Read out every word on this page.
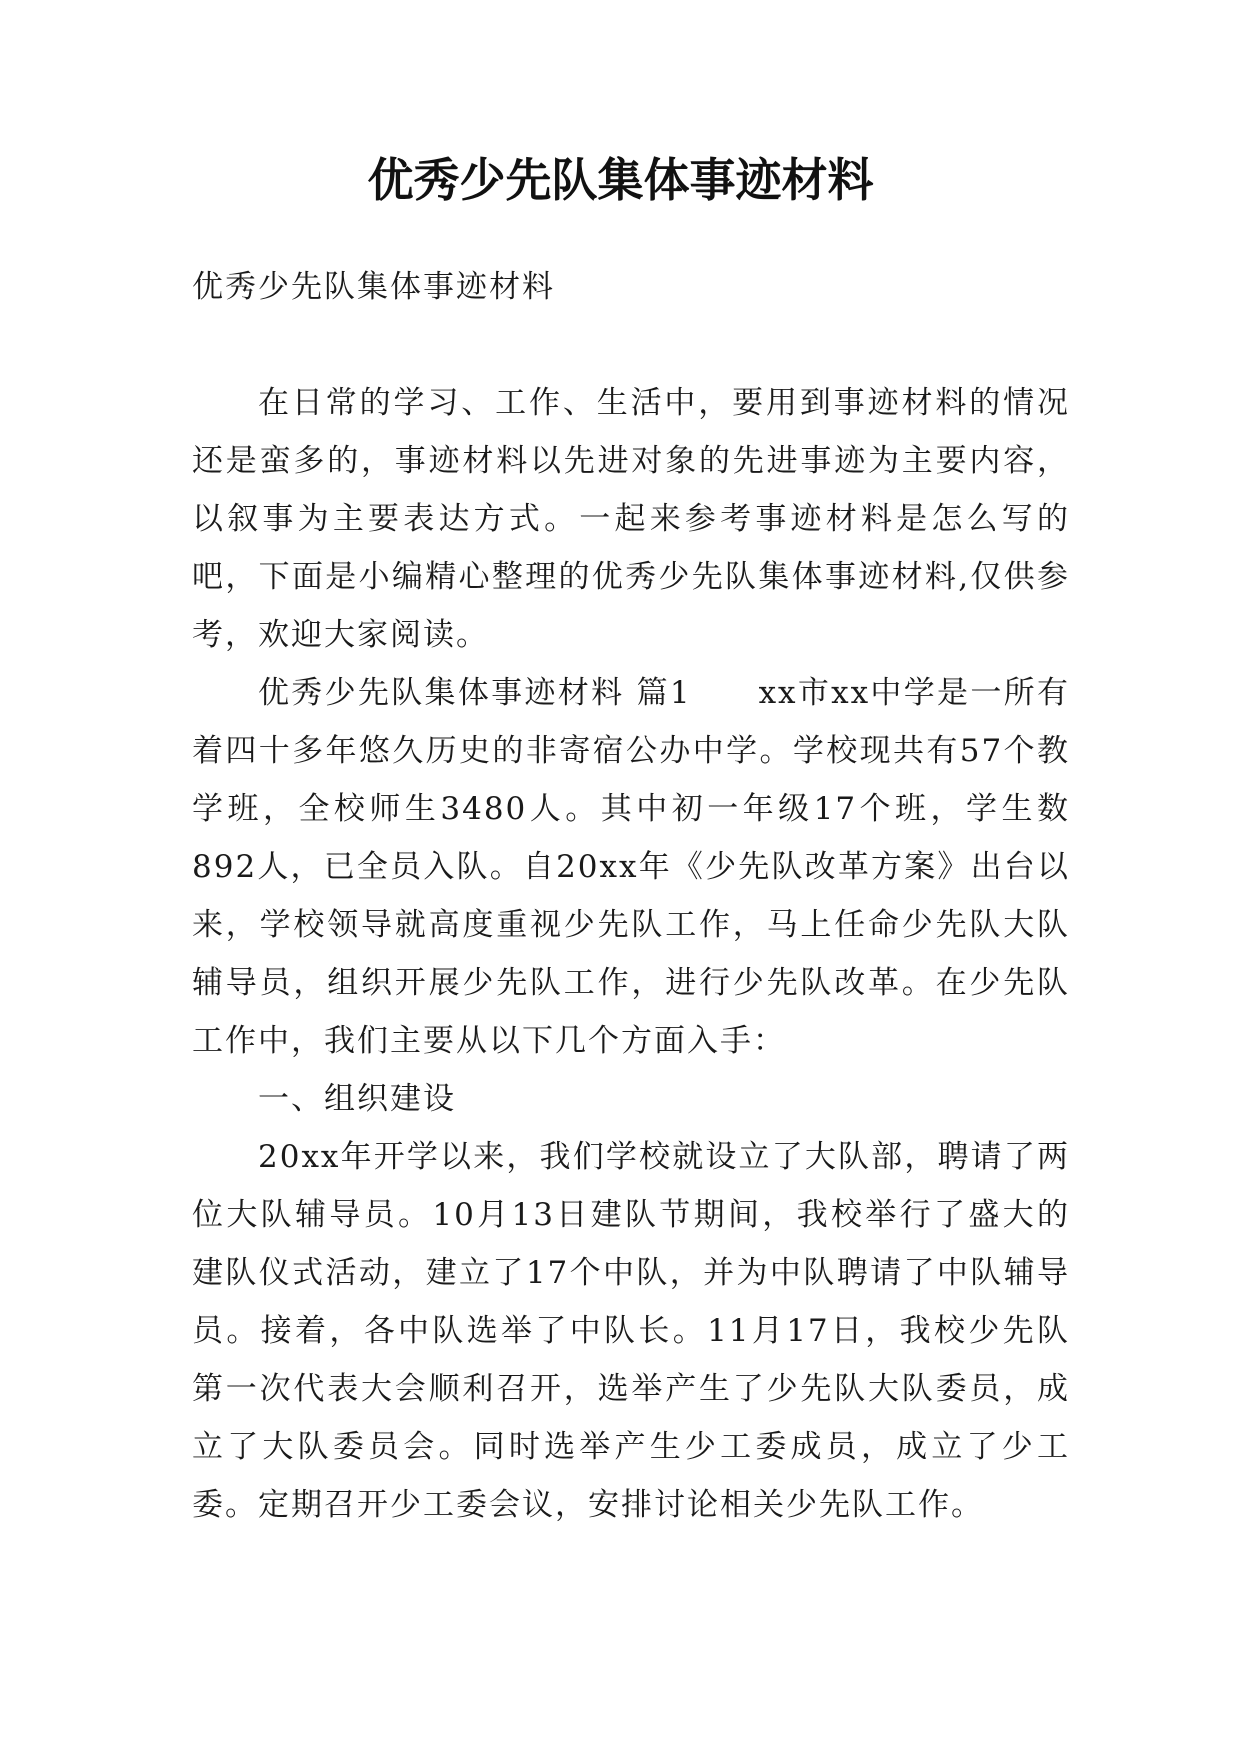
优秀少先队集体事迹材料

优秀少先队集体事迹材料

在日常的学习、工作、生活中，要用到事迹材料的情况还是蛮多的，事迹材料以先进对象的先进事迹为主要内容，以叙事为主要表达方式。一起来参考事迹材料是怎么写的吧，下面是小编精心整理的优秀少先队集体事迹材料,仅供参考，欢迎大家阅读。

优秀少先队集体事迹材料 篇1　　xx市xx中学是一所有着四十多年悠久历史的非寄宿公办中学。学校现共有57个教学班，全校师生3480人。其中初一年级17个班，学生数892人，已全员入队。自20xx年《少先队改革方案》出台以来，学校领导就高度重视少先队工作，马上任命少先队大队辅导员，组织开展少先队工作，进行少先队改革。在少先队工作中，我们主要从以下几个方面入手：

一、组织建设

20xx年开学以来，我们学校就设立了大队部，聘请了两位大队辅导员。10月13日建队节期间，我校举行了盛大的建队仪式活动，建立了17个中队，并为中队聘请了中队辅导员。接着，各中队选举了中队长。11月17日，我校少先队第一次代表大会顺利召开，选举产生了少先队大队委员，成立了大队委员会。同时选举产生少工委成员，成立了少工委。定期召开少工委会议，安排讨论相关少先队工作。
